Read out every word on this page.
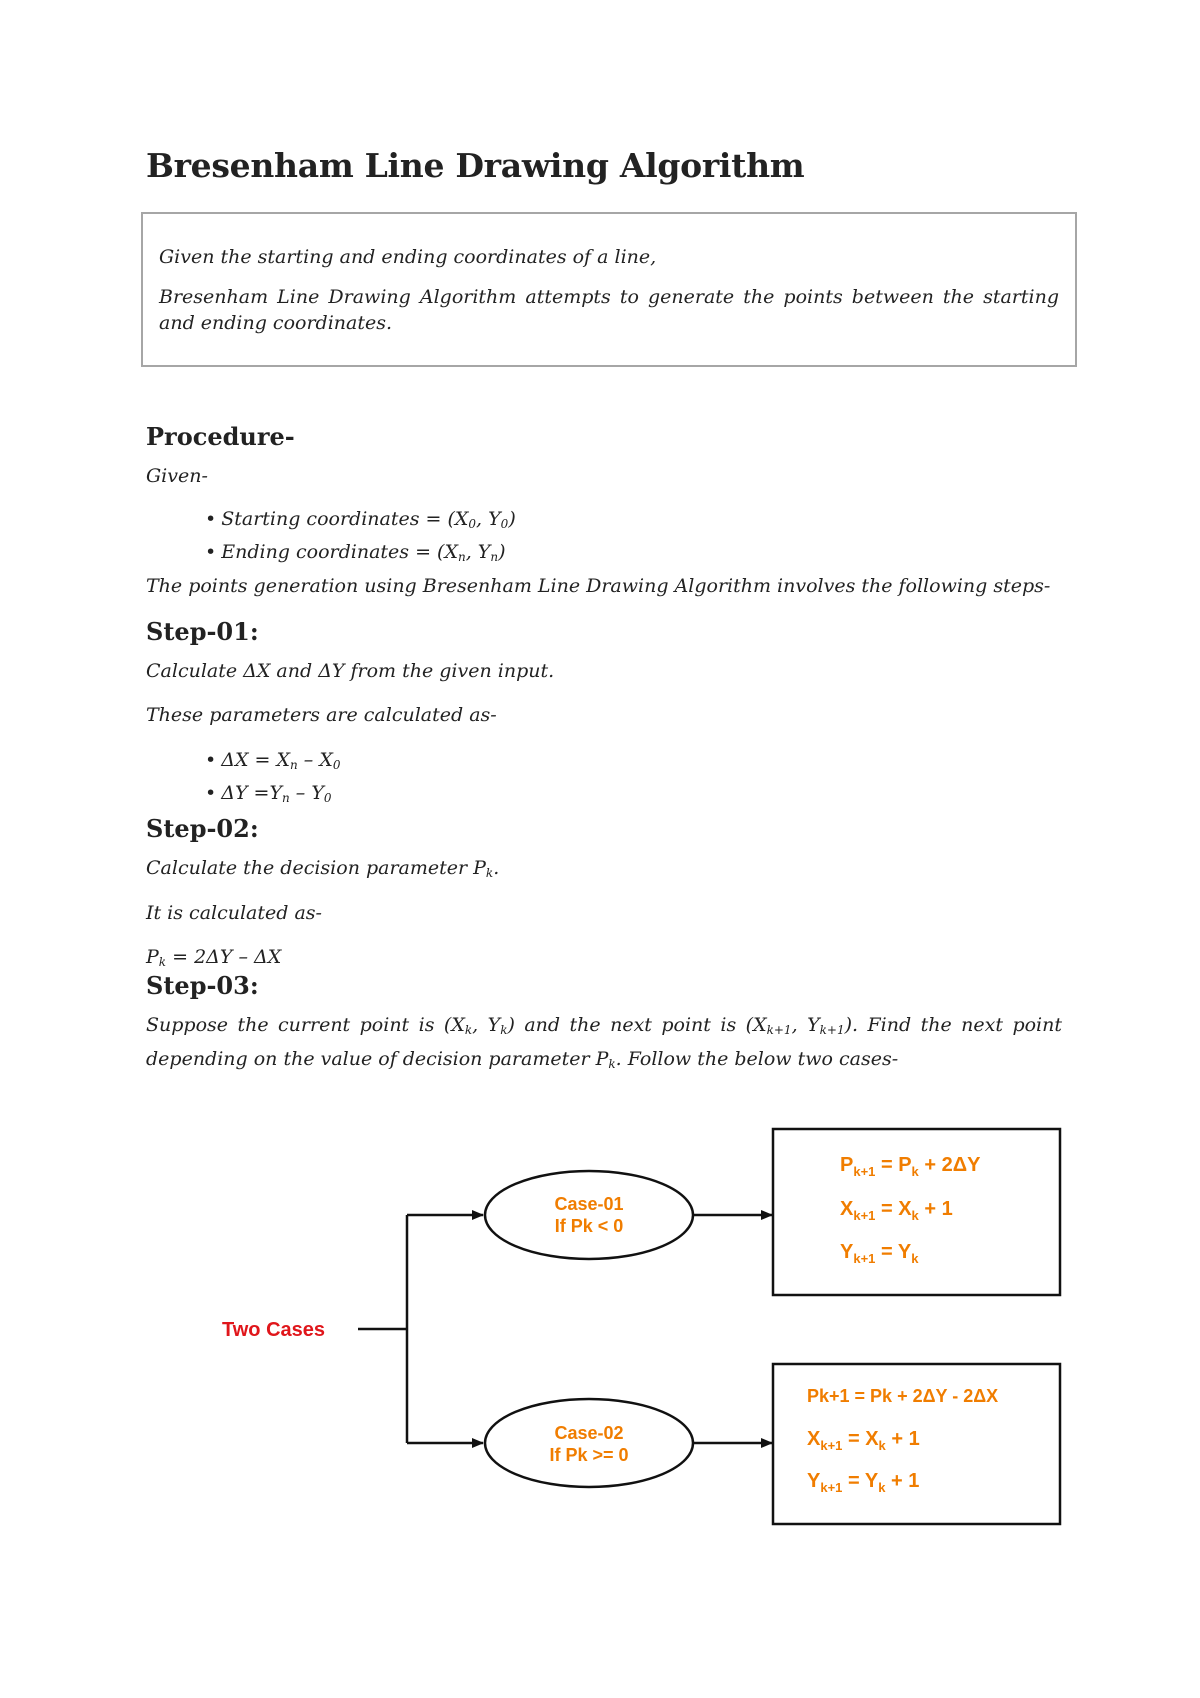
Bresenham Line Drawing Algorithm

Given the starting and ending coordinates of a line,

Bresenham Line Drawing Algorithm attempts to generate the points between the starting and ending coordinates.

Procedure-

Given-

• Starting coordinates = ($X_0$, $Y_0$)

• Ending coordinates = ($X_n$, $Y_n$)

The points generation using Bresenham Line Drawing Algorithm involves the following steps-

Step-01:

Calculate ΔX and ΔY from the given input.

These parameters are calculated as-

• $\Delta X = X_n - X_0$

• $\Delta Y =Y_n - Y_0$

Step-02:

Calculate the decision parameter $P_k$.

It is calculated as-

$P_k = 2\Delta Y - \Delta X$

Step-03:

Suppose the current point is ($X_k$, $Y_k$) and the next point is ($X_{k+1}$, $Y_{k+1}$). Find the next point
depending on the value of decision parameter $P_k$. Follow the below two cases-

Two Cases
Case-01
If Pk < 0
Case-02
If Pk >= 0
$P_{k+1} = P_k + 2\Delta Y$
$X_{k+1} = X_k + 1$
$Y_{k+1} = Y_k$
Pk+1 = Pk + 2ΔY - 2ΔX
$X_{k+1} = X_k + 1$
$Y_{k+1} = Y_k + 1$
